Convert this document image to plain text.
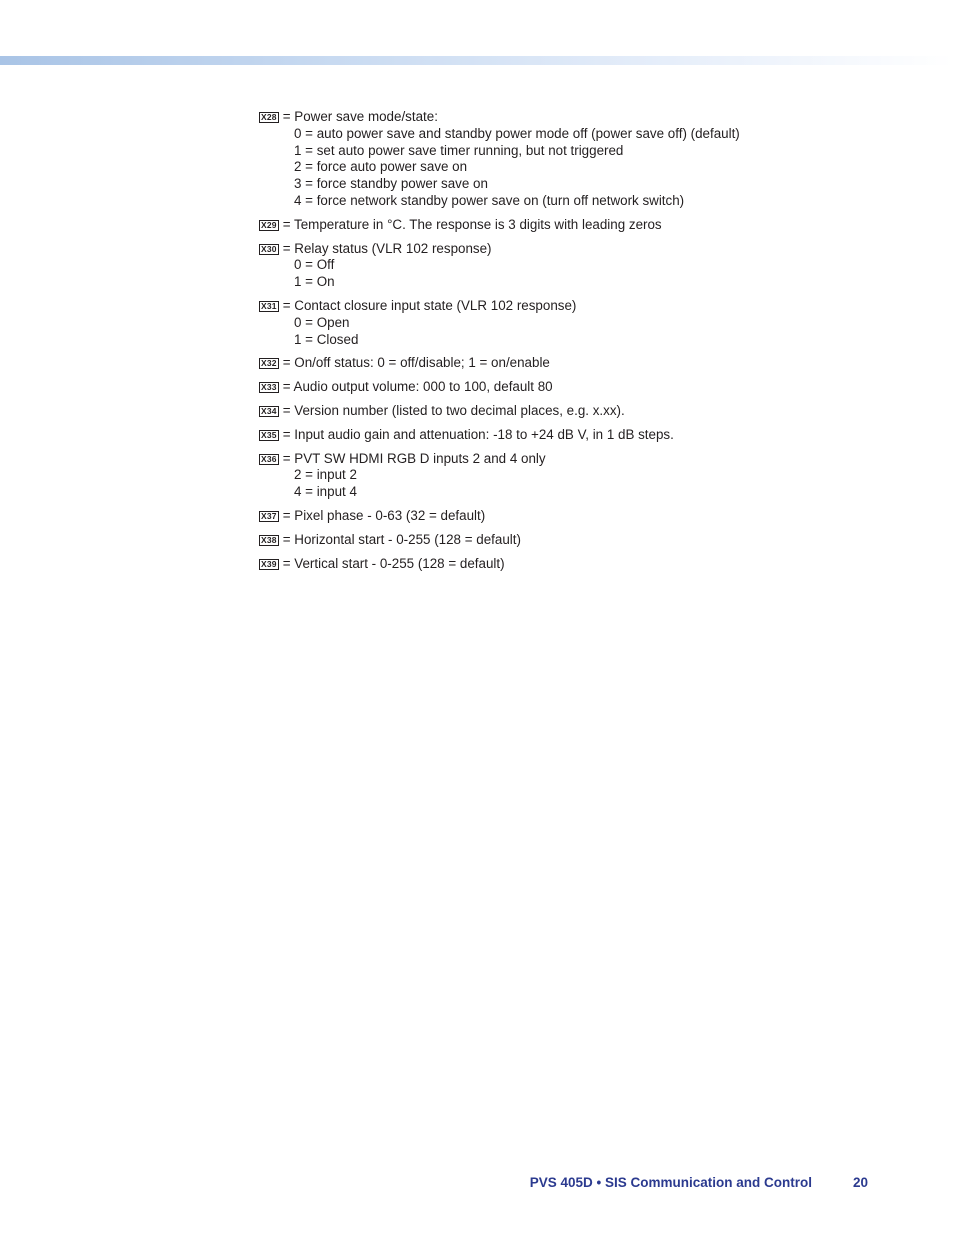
X28 = Power save mode/state:
0 = auto power save and standby power mode off (power save off) (default)
1 = set auto power save timer running, but not triggered
2 = force auto power save on
3 = force standby power save on
4 = force network standby power save on (turn off network switch)
X29 = Temperature in °C. The response is 3 digits with leading zeros
X30 = Relay status (VLR 102 response)
0 = Off
1 = On
X31 = Contact closure input state (VLR 102 response)
0 = Open
1 = Closed
X32 = On/off status: 0 = off/disable; 1 = on/enable
X33 = Audio output volume: 000 to 100, default 80
X34 = Version number (listed to two decimal places, e.g. x.xx).
X35 = Input audio gain and attenuation: -18 to +24 dB V, in 1 dB steps.
X36 = PVT SW HDMI RGB D inputs 2 and 4 only
2 = input 2
4 = input 4
X37 = Pixel phase - 0-63 (32 = default)
X38 = Horizontal start - 0-255 (128 = default)
X39 = Vertical start - 0-255 (128 = default)
PVS 405D • SIS Communication and Control	20
